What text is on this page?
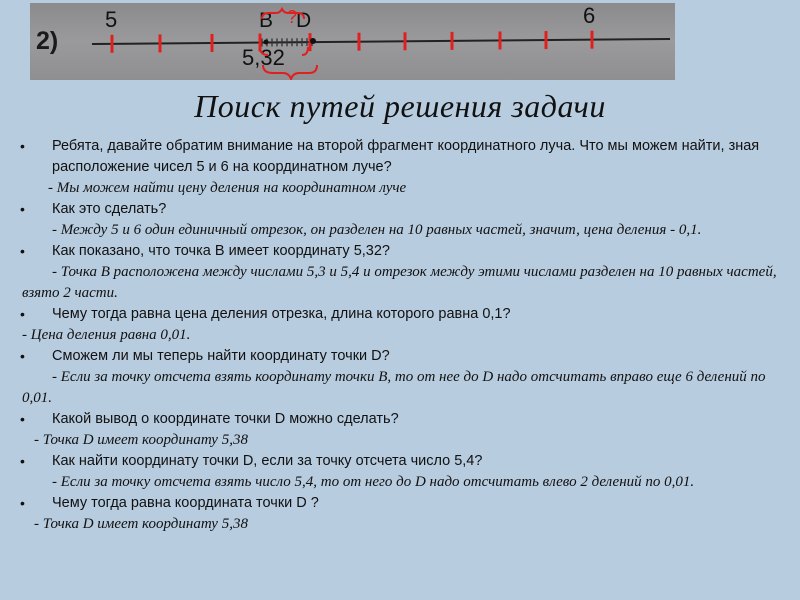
2)
5	B D
?	6
5,32
Поиск путей решения задачи
•	Ребята, давайте обратим внимание на второй фрагмент координатного луча. Что мы можем найти, зная расположение чисел 5 и 6 на координатном луче?
- Мы можем найти цену деления на координатном луче
•	Как это сделать?
- Между 5 и 6 один единичный отрезок, он разделен на 10 равных частей, значит, цена деления - 0,1.
•	Как показано, что точка В имеет координату 5,32?
- Точка В расположена между числами 5,3 и 5,4 и отрезок между этими числами разделен на 10 равных частей, взято 2 части.
•	Чему тогда равна цена деления отрезка, длина которого равна 0,1?
- Цена деления равна 0,01.
•	Сможем ли мы теперь найти координату точки D?
- Если за точку отсчета взять координату точки В, то от нее до D надо отсчитать вправо еще 6 делений по 0,01.
•	Какой вывод о координате точки D можно сделать?
- Точка D имеет координату 5,38
•	Как найти координату точки D, если за точку отсчета число 5,4?
- Если за точку отсчета взять число 5,4, то от него до D надо отсчитать влево 2 делений по 0,01.
•	Чему тогда равна координата точки D ?
- Точка D имеет координату 5,38
